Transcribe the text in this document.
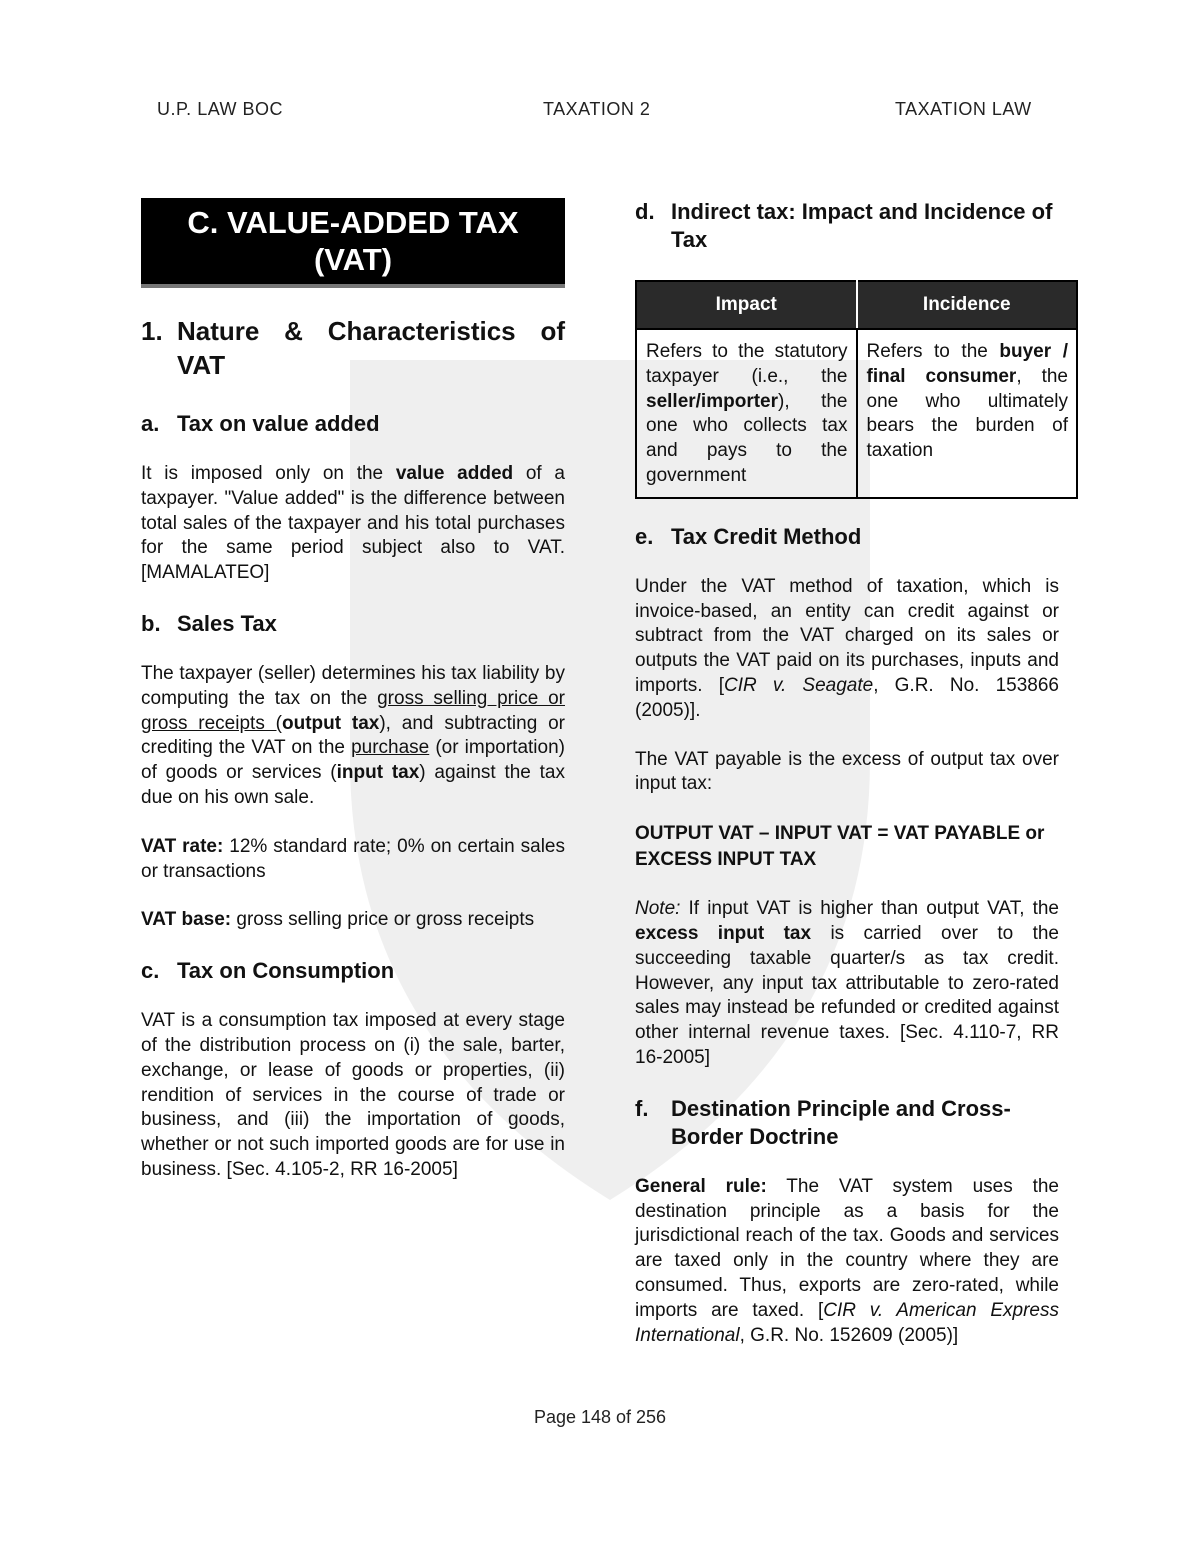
U.P. LAW BOC	TAXATION 2	TAXATION LAW
C. VALUE-ADDED TAX
(VAT)
1. Nature & Characteristics of VAT
a. Tax on value added

It is imposed only on the value added of a taxpayer. "Value added" is the difference between total sales of the taxpayer and his total purchases for the same period subject also to VAT. [MAMALATEO]

b. Sales Tax

The taxpayer (seller) determines his tax liability by computing the tax on the gross selling price or gross receipts (output tax), and subtracting or crediting the VAT on the purchase (or importation) of goods or services (input tax) against the tax due on his own sale.

VAT rate: 12% standard rate; 0% on certain sales or transactions

VAT base: gross selling price or gross receipts

c. Tax on Consumption

VAT is a consumption tax imposed at every stage of the distribution process on (i) the sale, barter, exchange, or lease of goods or properties, (ii) rendition of services in the course of trade or business, and (iii) the importation of goods, whether or not such imported goods are for use in business. [Sec. 4.105-2, RR 16-2005]

d. Indirect tax: Impact and Incidence of Tax
Impact	Incidence
Refers to the statutory taxpayer (i.e., the seller/importer), the one who collects tax and pays to the government	Refers to the buyer / final consumer, the one who ultimately bears the burden of taxation
e. Tax Credit Method

Under the VAT method of taxation, which is invoice-based, an entity can credit against or subtract from the VAT charged on its sales or outputs the VAT paid on its purchases, inputs and imports. [CIR v. Seagate, G.R. No. 153866 (2005)].

The VAT payable is the excess of output tax over input tax:

OUTPUT VAT – INPUT VAT = VAT PAYABLE or EXCESS INPUT TAX

Note: If input VAT is higher than output VAT, the excess input tax is carried over to the succeeding taxable quarter/s as tax credit. However, any input tax attributable to zero-rated sales may instead be refunded or credited against other internal revenue taxes. [Sec. 4.110-7, RR 16-2005]

f.	Destination Principle and Cross-Border Doctrine

General rule: The VAT system uses the destination principle as a basis for the jurisdictional reach of the tax. Goods and services are taxed only in the country where they are consumed. Thus, exports are zero-rated, while imports are taxed. [CIR v. American Express International, G.R. No. 152609 (2005)]

Page 148 of 256
